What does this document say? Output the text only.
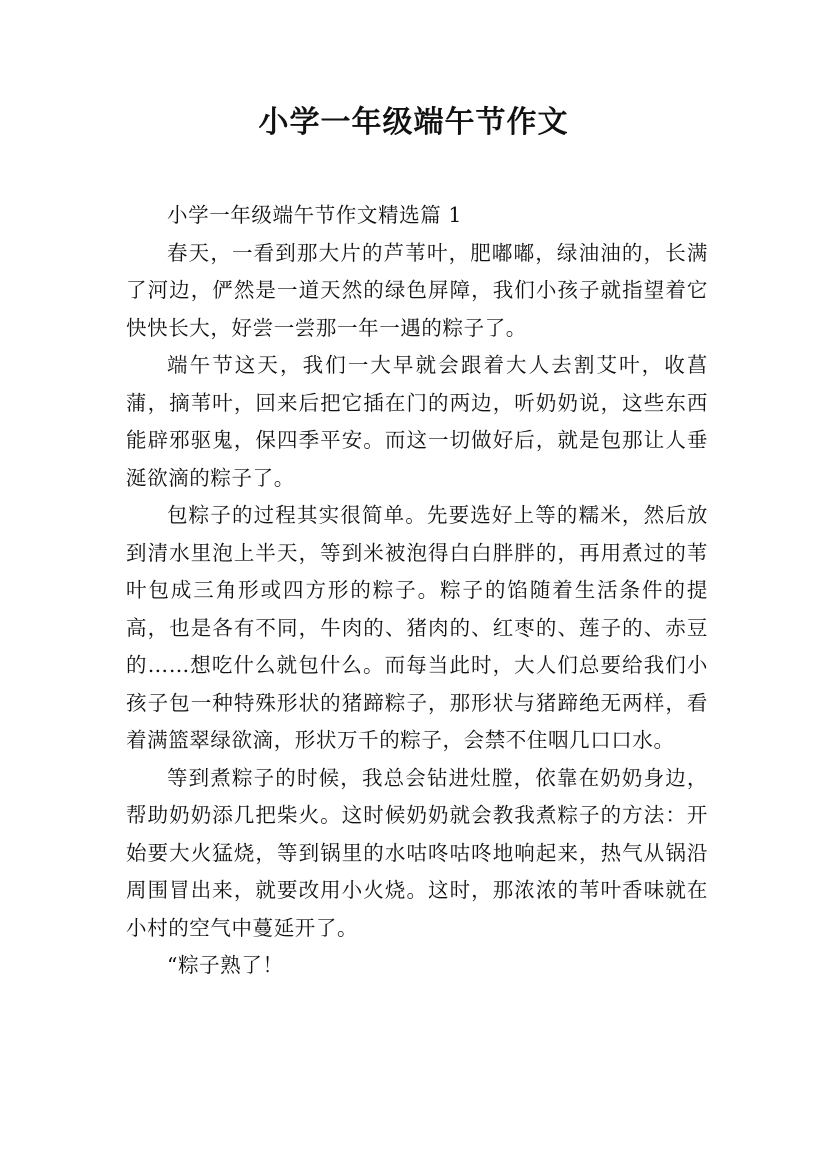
小学一年级端午节作文

小学一年级端午节作文精选篇 1

春天，一看到那大片的芦苇叶，肥嘟嘟，绿油油的，长满了河边，俨然是一道天然的绿色屏障，我们小孩子就指望着它快快长大，好尝一尝那一年一遇的粽子了。

端午节这天，我们一大早就会跟着大人去割艾叶，收菖蒲，摘苇叶，回来后把它插在门的两边，听奶奶说，这些东西能辟邪驱鬼，保四季平安。而这一切做好后，就是包那让人垂涎欲滴的粽子了。

包粽子的过程其实很简单。先要选好上等的糯米，然后放到清水里泡上半天，等到米被泡得白白胖胖的，再用煮过的苇叶包成三角形或四方形的粽子。粽子的馅随着生活条件的提高，也是各有不同，牛肉的、猪肉的、红枣的、莲子的、赤豆的……想吃什么就包什么。而每当此时，大人们总要给我们小孩子包一种特殊形状的猪蹄粽子，那形状与猪蹄绝无两样，看着满篮翠绿欲滴，形状万千的粽子，会禁不住咽几口口水。

等到煮粽子的时候，我总会钻进灶膛，依靠在奶奶身边，帮助奶奶添几把柴火。这时候奶奶就会教我煮粽子的方法：开始要大火猛烧，等到锅里的水咕咚咕咚地响起来，热气从锅沿周围冒出来，就要改用小火烧。这时，那浓浓的苇叶香味就在小村的空气中蔓延开了。

“粽子熟了！
